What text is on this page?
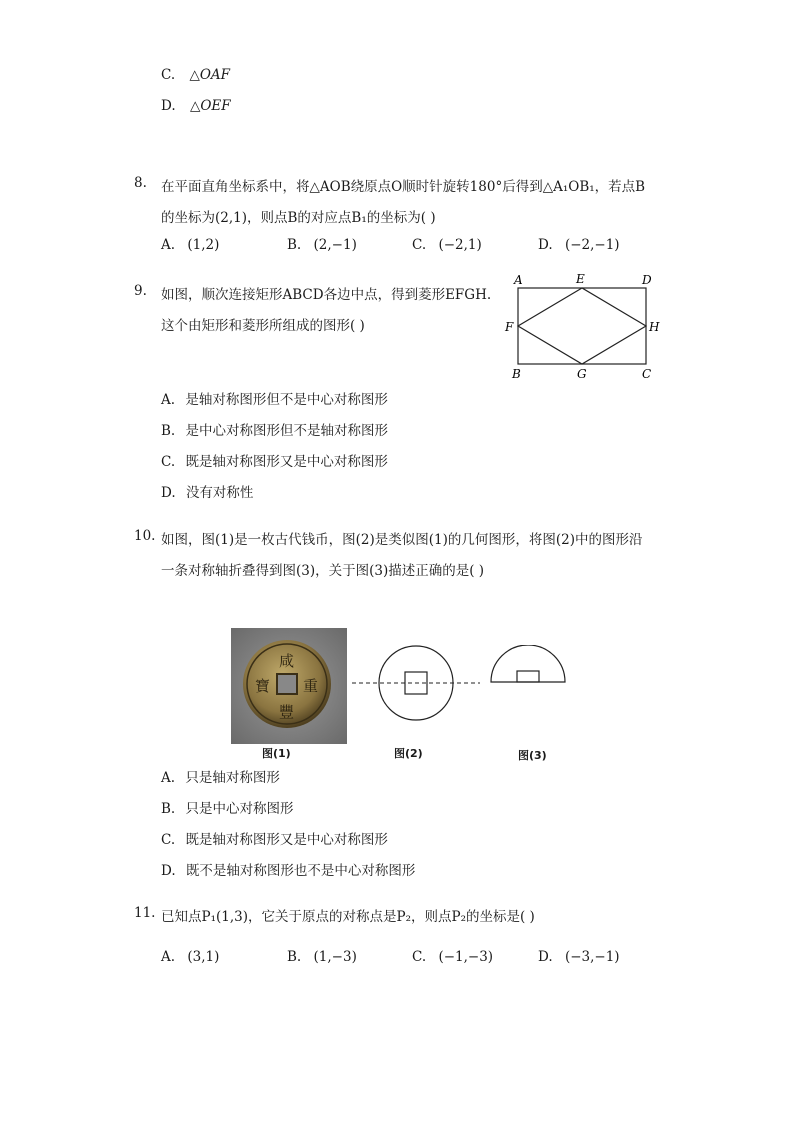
C. △OAF
D. △OEF
8. 在平面直角坐标系中，将△AOB绕原点O顺时针旋转180°后得到△A₁OB₁，若点B
的坐标为(2,1)，则点B的对应点B₁的坐标为( )
A. (1,2)	B. (2,−1)	C. (−2,1)	D. (−2,−1)
9. 如图，顺次连接矩形ABCD各边中点，得到菱形EFGH.
这个由矩形和菱形所组成的图形( )
A	E	D
F	H
B	G	C
A. 是轴对称图形但不是中心对称图形
B. 是中心对称图形但不是轴对称图形
C. 既是轴对称图形又是中心对称图形
D. 没有对称性
10. 如图，图(1)是一枚古代钱币，图(2)是类似图(1)的几何图形，将图(2)中的图形沿
一条对称轴折叠得到图(3)，关于图(3)描述正确的是( )
咸
豐
重
寶
图(1)	图(2)	图(3)
A. 只是轴对称图形
B. 只是中心对称图形
C. 既是轴对称图形又是中心对称图形
D. 既不是轴对称图形也不是中心对称图形
11. 已知点P₁(1,3)，它关于原点的对称点是P₂，则点P₂的坐标是( )
A. (3,1)	B. (1,−3)	C. (−1,−3)	D. (−3,−1)
